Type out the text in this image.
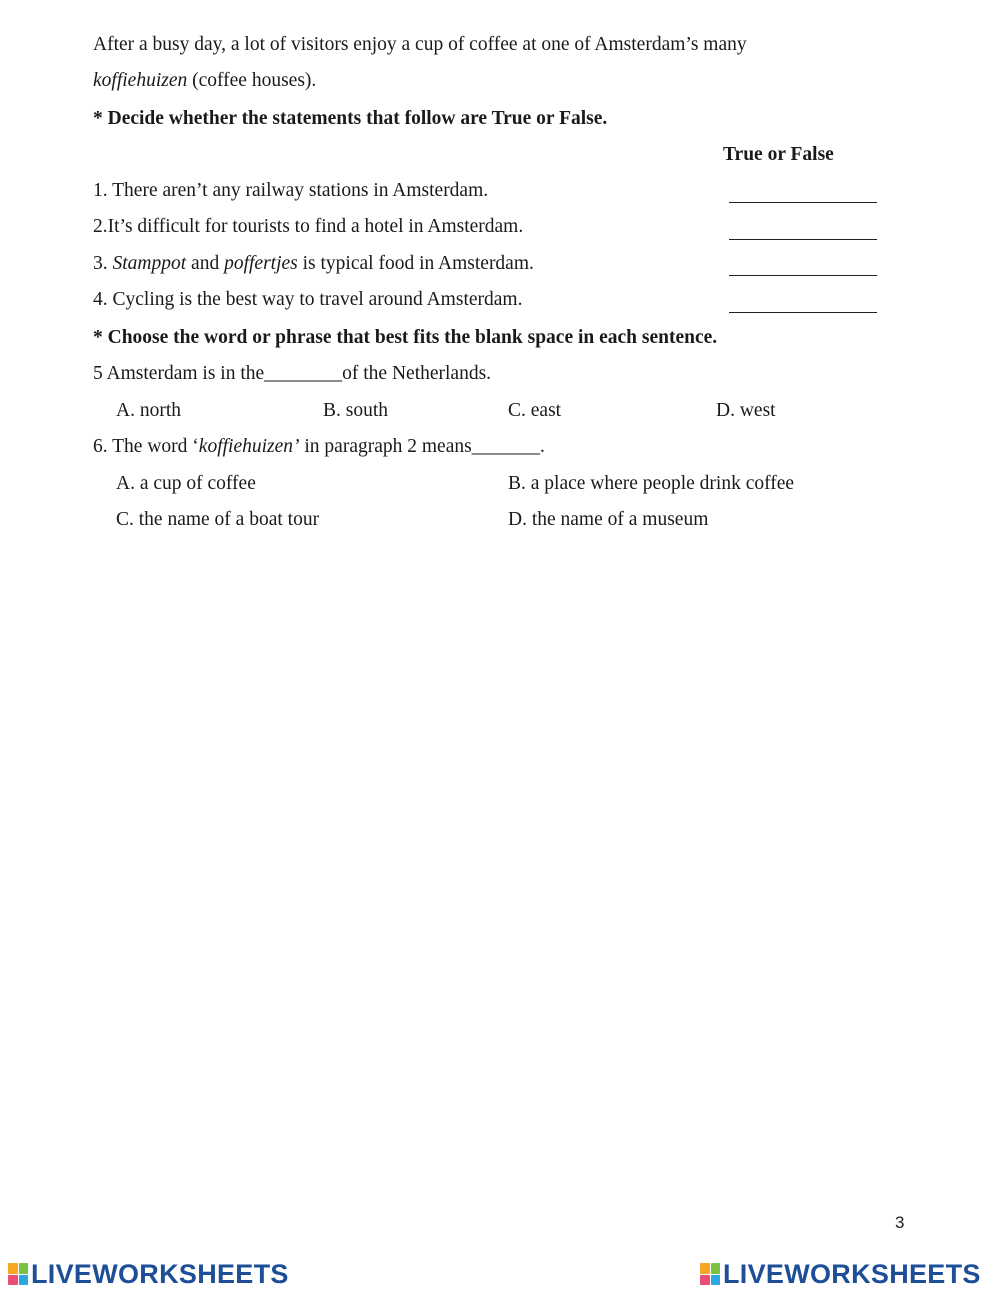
After a busy day, a lot of visitors enjoy a cup of coffee at one of Amsterdam’s many
koffiehuizen (coffee houses).
* Decide whether the statements that follow are True or False.
True or False
1. There aren’t any railway stations in Amsterdam.
2.It’s difficult for tourists to find a hotel in Amsterdam.
3. Stamppot and poffertjes is typical food in Amsterdam.
4. Cycling is the best way to travel around Amsterdam.
* Choose the word or phrase that best fits the blank space in each sentence.
5 Amsterdam is in the________of the Netherlands.
A. north	B. south	C. east	D. west
6. The word ‘koffiehuizen’ in paragraph 2 means_______.
A. a cup of coffee	B. a place where people drink coffee
C. the name of a boat tour	D. the name of a museum
3
LIVEWORKSHEETS	LIVEWORKSHEETS
